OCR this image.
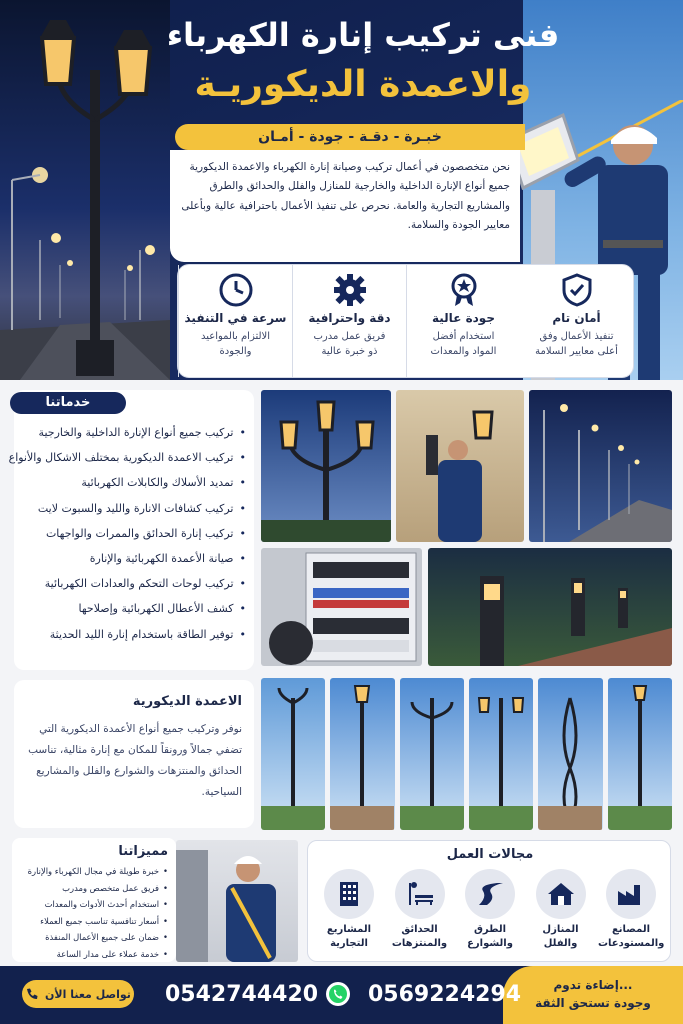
فنى تركيب إنارة الكهرباء
والاعمدة الديكوريـة
خبـرة - دقـة - جودة - أمـان
نحن متخصصون في أعمال تركيب وصيانة إنارة الكهرباء والاعمدة الديكورية جميع أنواع الإنارة الداخلية والخارجية للمنازل والفلل والحدائق والطرق والمشاريع التجارية والعامة. نحرص على تنفيذ الأعمال باحترافية عالية وبأعلى معايير الجودة والسلامة.
سرعة في التنفيذ
الالتزام بالمواعيد
والجودة
دقة واحترافية
فريق عمل مدرب
ذو خبرة عالية
جودة عالية
استخدام أفضل
المواد والمعدات
أمان تام
تنفيذ الأعمال وفق
أعلى معايير السلامة
• تركيب جميع أنواع الإنارة الداخلية والخارجية
• تركيب الاعمدة الديكورية بمختلف الاشكال والأنواع
• تمديد الأسلاك والكابلات الكهربائية
• تركيب كشافات الانارة والليد والسبوت لايت
• تركيب إنارة الحدائق والممرات والواجهات
• صيانة الأعمدة الكهربائية والإنارة
• تركيب لوحات التحكم والعدادات الكهربائية
• كشف الأعطال الكهربائية وإصلاحها
• توفير الطاقة باستخدام إنارة الليد الحديثة
خدماتنا
الاعمدة الديكورية
نوفر وتركيب جميع أنواع الأعمدة الديكورية التي تضفي جمالاً ورونقاً للمكان مع إنارة مثالية، تناسب الحدائق والمنتزهات والشوارع والفلل والمشاريع السياحية.
مميزاتنا
• خبرة طويلة في مجال الكهرباء والإنارة
• فريق عمل متخصص ومدرب
• استخدام أحدث الأدوات والمعدات
• أسعار تنافسية تناسب جميع العملاء
• ضمان على جميع الأعمال المنفذة
• خدمة عملاء على مدار الساعة
مجالات العمل
المصانع
والمستودعات
المنازل
والفلل
الطرق
والشوارع
الحدائق
والمنتزهات
المشاريع
التجارية
إضاءة تدوم...
وجودة تستحق الثقة
0569224294
0542744420
تواصل معنا الأن
